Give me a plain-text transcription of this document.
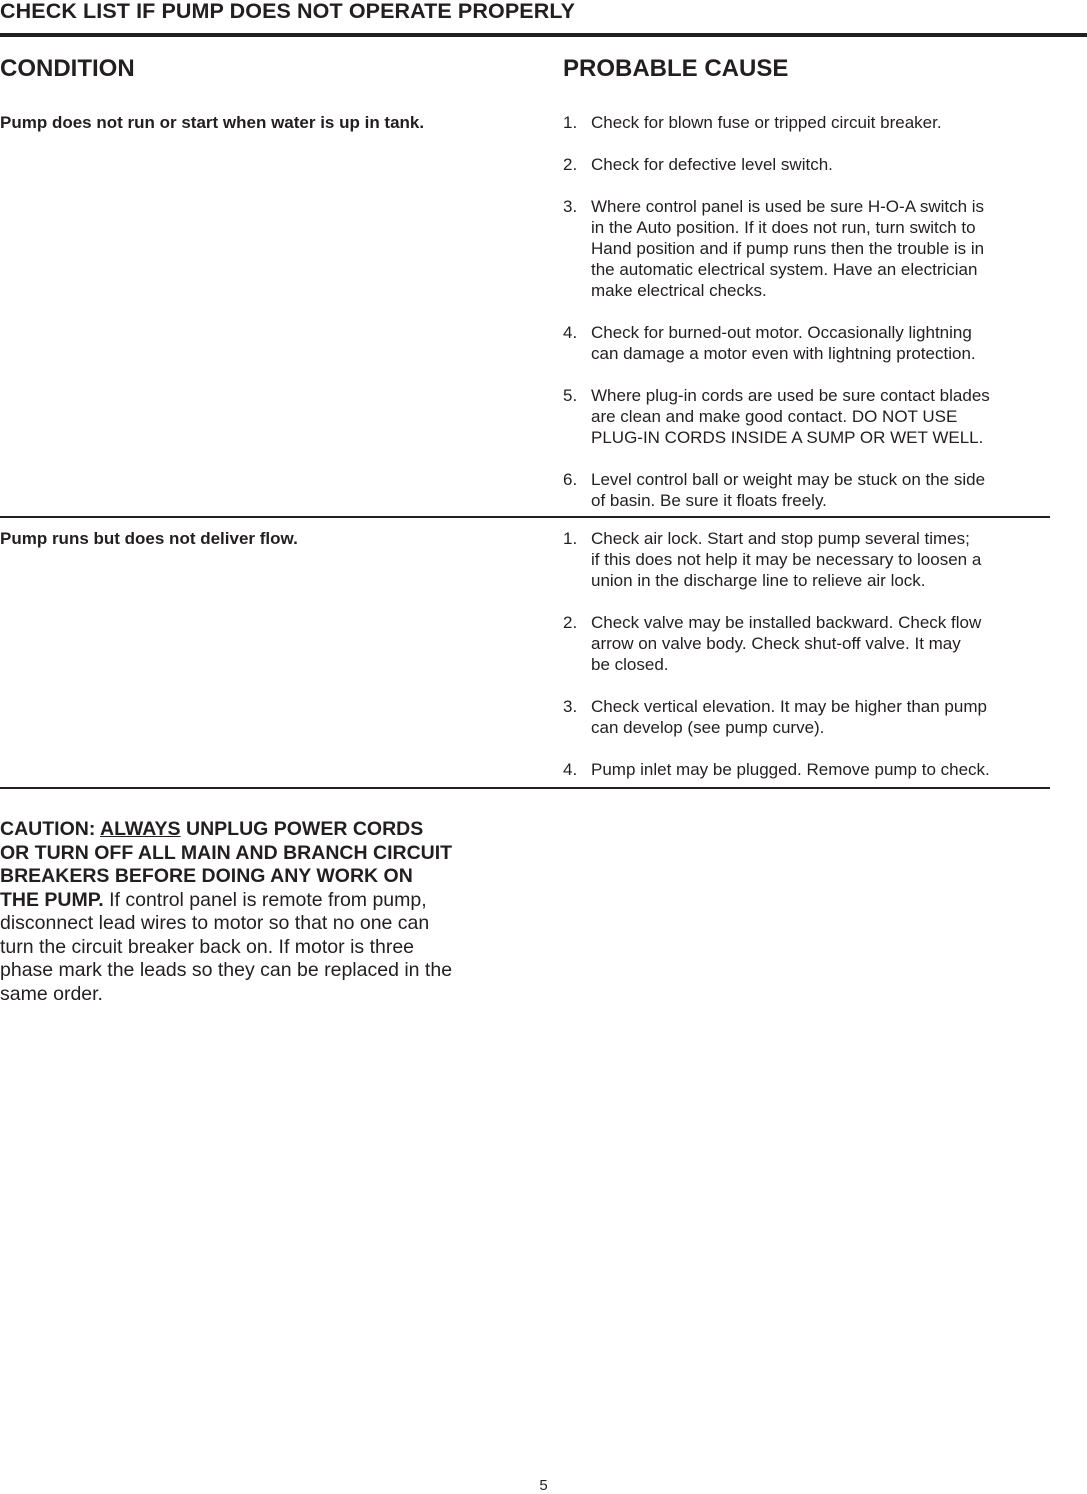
CHECK LIST IF PUMP DOES NOT OPERATE PROPERLY
CONDITION	PROBABLE CAUSE
Pump does not run or start when water is up in tank.	1. Check for blown fuse or tripped circuit breaker.
2. Check for defective level switch.
3. Where control panel is used be sure H-O-A switch is
in the Auto position. If it does not run, turn switch to
Hand position and if pump runs then the trouble is in
the automatic electrical system. Have an electrician
make electrical checks.
4. Check for burned-out motor. Occasionally lightning
can damage a motor even with lightning protection.
5. Where plug-in cords are used be sure contact blades
are clean and make good contact. DO NOT USE
PLUG-IN CORDS INSIDE A SUMP OR WET WELL.
6. Level control ball or weight may be stuck on the side
of basin. Be sure it floats freely.
Pump runs but does not deliver flow.	1. Check air lock. Start and stop pump several times;
if this does not help it may be necessary to loosen a
union in the discharge line to relieve air lock.
2. Check valve may be installed backward. Check flow
arrow on valve body. Check shut-off valve. It may
be closed.
3. Check vertical elevation. It may be higher than pump
can develop (see pump curve).
4. Pump inlet may be plugged. Remove pump to check.
CAUTION: ALWAYS UNPLUG POWER CORDS
OR TURN OFF ALL MAIN AND BRANCH CIRCUIT
BREAKERS BEFORE DOING ANY WORK ON
THE PUMP. If control panel is remote from pump,
disconnect lead wires to motor so that no one can
turn the circuit breaker back on. If motor is three
phase mark the leads so they can be replaced in the
same order.
5
